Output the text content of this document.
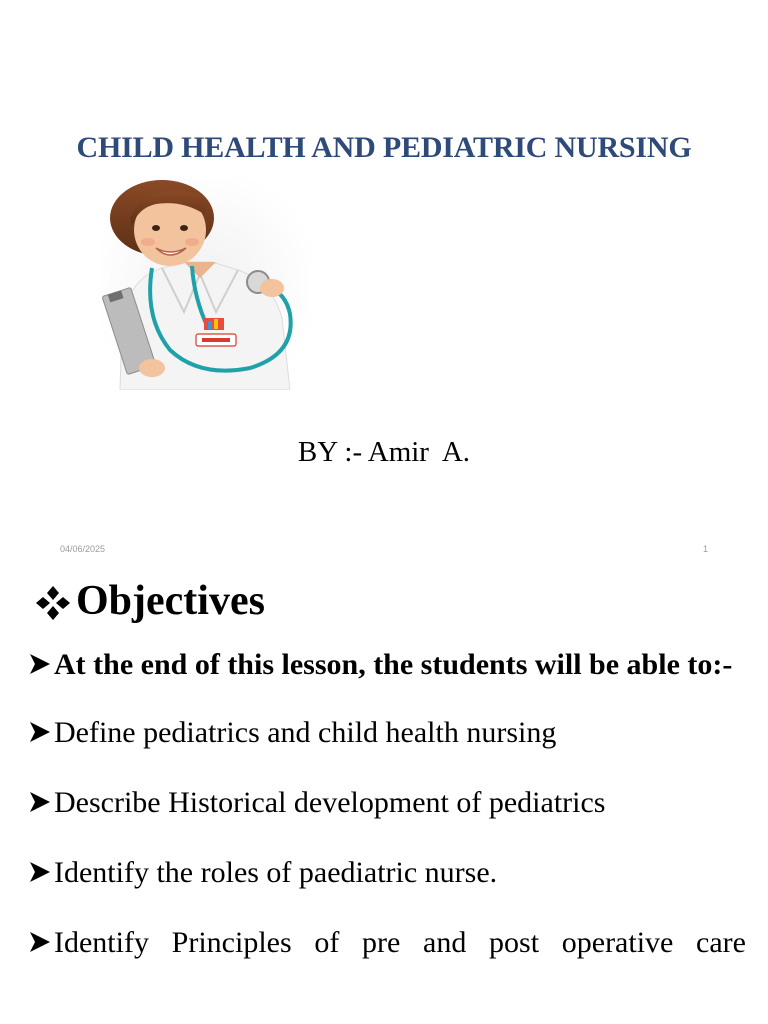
CHILD HEALTH AND PEDIATRIC NURSING
BY :- Amir  A.
04/06/2025	1
Objectives
At the end of this lesson, the students will be able to:-
Define pediatrics and child health nursing
Describe Historical development of pediatrics
Identify the roles of paediatric nurse.
Identify Principles of pre and post operative care
